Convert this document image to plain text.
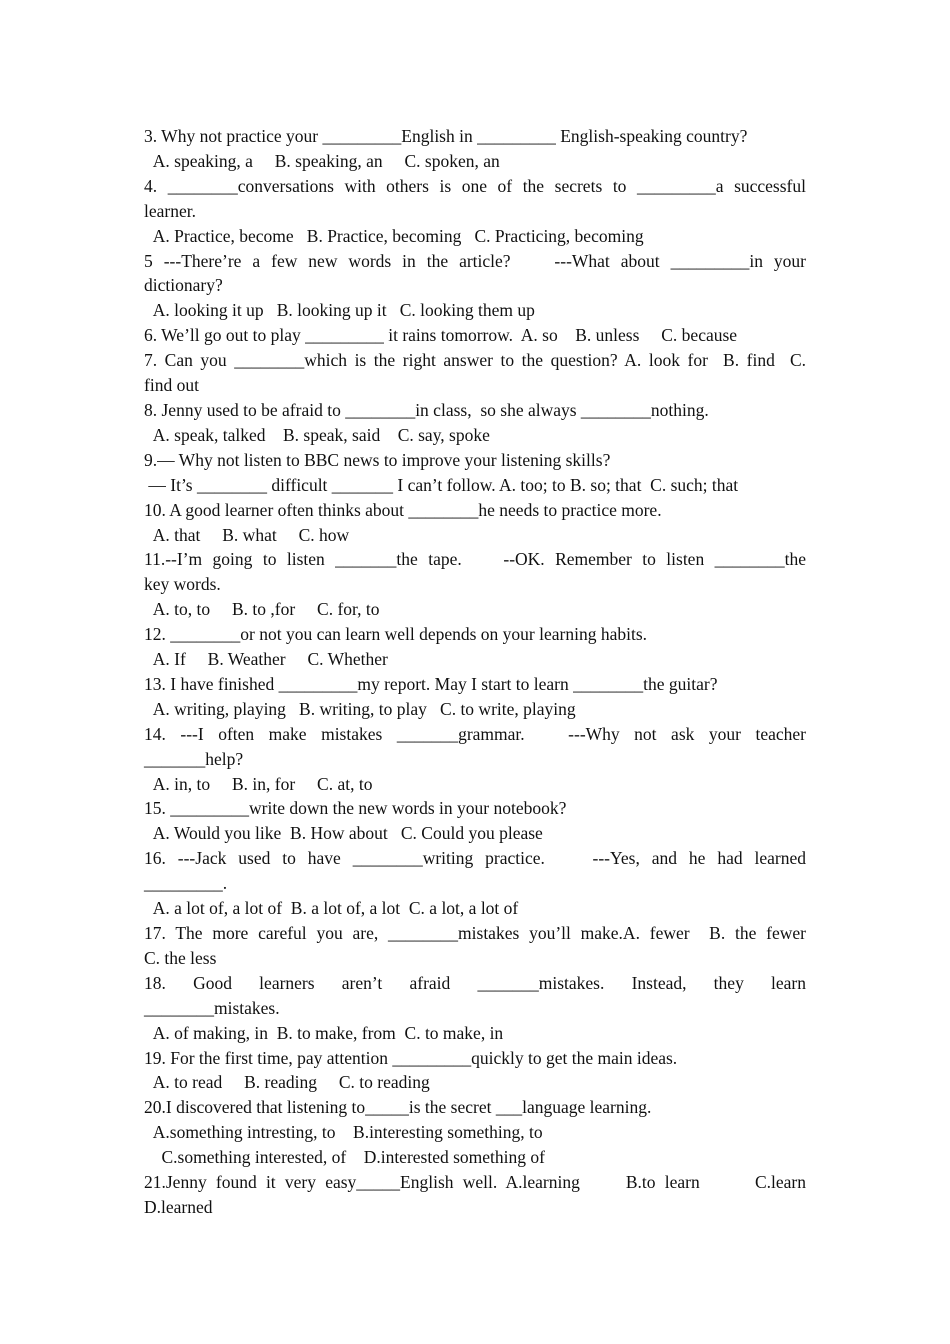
3. Why not practice your _________English in _________ English-speaking country?

A. speaking, a     B. speaking, an     C. spoken, an

4. ________conversations with others is one of the secrets to _________a successful

learner.

A. Practice, become   B. Practice, becoming   C. Practicing, becoming

5 ---There’re a few new words in the article?    ---What about _________in your

dictionary?

A. looking it up   B. looking up it   C. looking them up

6. We’ll go out to play _________ it rains tomorrow.  A. so    B. unless     C. because

7. Can you ________which is the right answer to the question? A. look for  B. find  C.

find out

8. Jenny used to be afraid to ________in class,  so she always ________nothing.

A. speak, talked    B. speak, said    C. say, spoke

9.— Why not listen to BBC news to improve your listening skills?

— It’s ________ difficult _______ I can’t follow. A. too; to B. so; that  C. such; that

10. A good learner often thinks about ________he needs to practice more.

A. that     B. what     C. how

11.--I’m going to listen _______the tape.    --OK. Remember to listen ________the

key words.

A. to, to     B. to ,for     C. for, to

12. ________or not you can learn well depends on your learning habits.

A. If     B. Weather     C. Whether

13. I have finished _________my report. May I start to learn ________the guitar?

A. writing, playing   B. writing, to play   C. to write, playing

14. ---I often make mistakes _______grammar.   ---Why not ask your teacher

_______help?

A. in, to     B. in, for     C. at, to

15. _________write down the new words in your notebook?

A. Would you like  B. How about   C. Could you please

16. ---Jack used to have ________writing practice.    ---Yes, and he had learned

_________.

A. a lot of, a lot of  B. a lot of, a lot  C. a lot, a lot of

17. The more careful you are, ________mistakes you’ll make.A. fewer  B. the fewer

C. the less

18. Good learners aren’t afraid _______mistakes. Instead, they learn

________mistakes.

A. of making, in  B. to make, from  C. to make, in

19. For the first time, pay attention _________quickly to get the main ideas.

A. to read     B. reading     C. to reading

20.I discovered that listening to_____is the secret ___language learning.

A.something intresting, to    B.interesting something, to

C.something interested, of    D.interested something of

21.Jenny found it very easy_____English well. A.learning     B.to learn      C.learn

D.learned
